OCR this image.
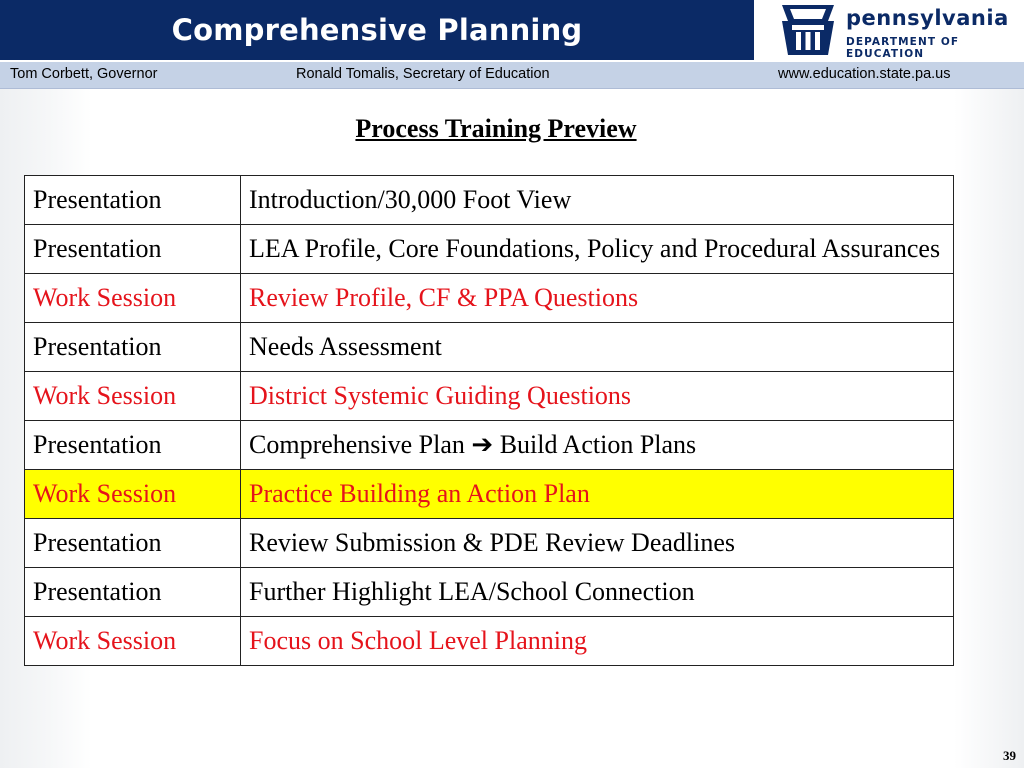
Comprehensive Planning	pennsylvania
DEPARTMENT OF EDUCATION
Tom Corbett, Governor	Ronald Tomalis, Secretary of Education	www.education.state.pa.us
Process Training Preview
Presentation	Introduction/30,000 Foot View
Presentation	LEA Profile, Core Foundations, Policy and Procedural Assurances
Work Session	Review Profile, CF & PPA Questions
Presentation	Needs Assessment
Work Session	District Systemic Guiding Questions
Presentation	Comprehensive Plan ➔ Build Action Plans
Work Session	Practice Building an Action Plan
Presentation	Review Submission & PDE Review Deadlines
Presentation	Further Highlight LEA/School Connection
Work Session	Focus on School Level Planning
39
